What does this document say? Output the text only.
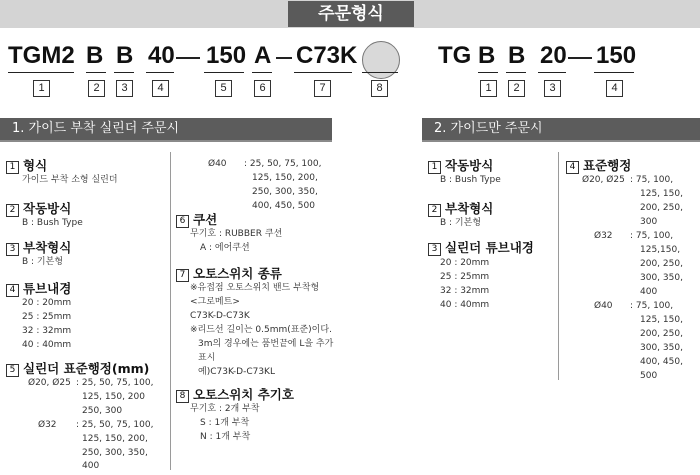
주문형식
TGM2 B B 40 150 A C73K
1	2	3	4	5	6	7	8
TG B B 20 150
1	2	3	4
1. 가이드 부착 실린더 주문시	2. 가이드만 주문시
1 형식
가이드 부착 소형 실린더
2 작동방식
B : Bush Type
3 부착형식
B : 기본형
4 튜브내경
20 : 20mm
25 : 25mm
32 : 32mm
40 : 40mm
5 실린더 표준행정(mm)
Ø20, Ø25 : 25, 50, 75, 100,
125, 150, 200
250, 300
Ø32 : 25, 50, 75, 100,
125, 150, 200,
250, 300, 350,
400
Ø40 : 25, 50, 75, 100,
125, 150, 200,
250, 300, 350,
400, 450, 500
6 쿠션
무기호 : RUBBER 쿠션
A : 에어쿠션
7 오토스위치 종류
※유접점 오토스위치 밴드 부착형
<그로메트>
C73K-D-C73K
※리드선 길이는 0.5mm(표준)이다.
3m의 경우에는 품번끝에 L을 추가
표시
예)C73K-D-C73KL
8 오토스위치 추기호
무기호 : 2개 부착
S : 1개 부착
N : 1개 부착
1 작동방식
B : Bush Type
2 부착형식
B : 기본형
3 실린더 튜브내경
20 : 20mm
25 : 25mm
32 : 32mm
40 : 40mm
4 표준행정
Ø20, Ø25 : 75, 100,
125, 150,
200, 250,
300
Ø32 : 75, 100,
125,150,
200, 250,
300, 350,
400
Ø40 : 75, 100,
125, 150,
200, 250,
300, 350,
400, 450,
500
